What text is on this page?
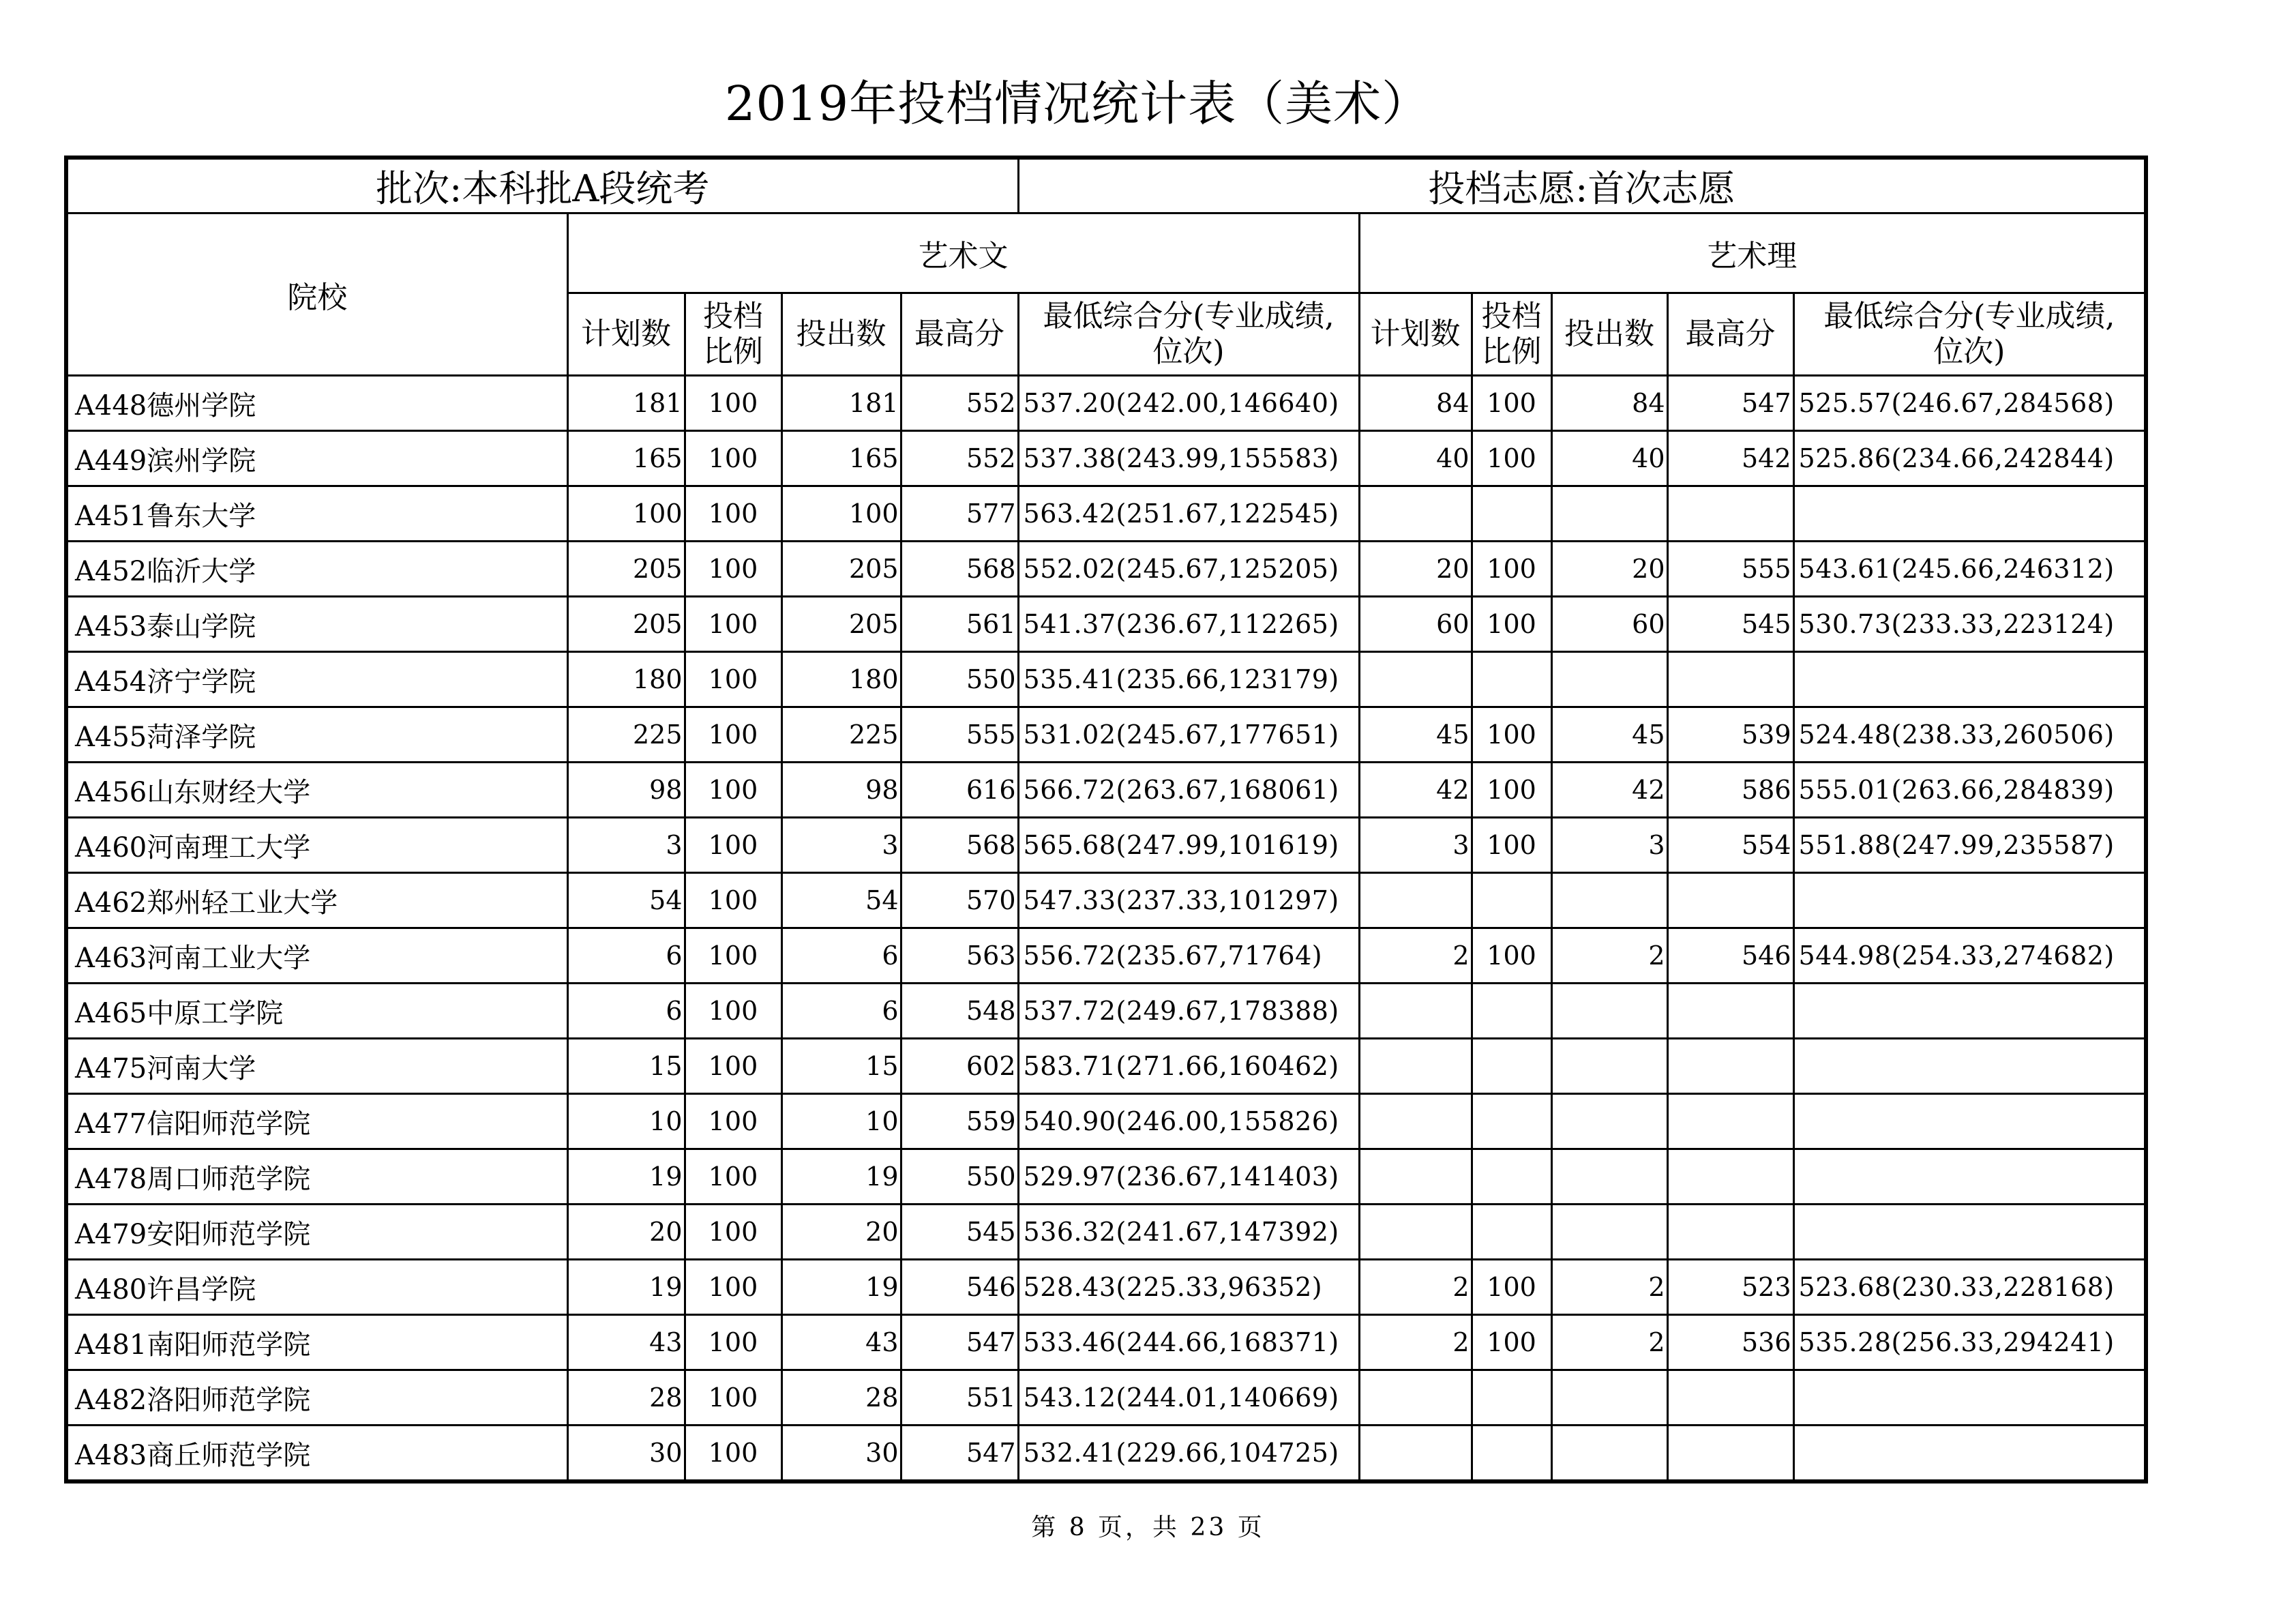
2019年投档情况统计表（美术）
批次:本科批A段统考					投档志愿:首次志愿					
院校	艺术文					艺术理				
	计划数	投档比例	投出数	最高分	最低综合分(专业成绩,位次)	计划数	投档比例	投出数	最高分	最低综合分(专业成绩,位次)
A448德州学院	181	100	181	552	537.20(242.00,146640)	84	100	84	547	525.57(246.67,284568)
A449滨州学院	165	100	165	552	537.38(243.99,155583)	40	100	40	542	525.86(234.66,242844)
A451鲁东大学	100	100	100	577	563.42(251.67,122545)					
A452临沂大学	205	100	205	568	552.02(245.67,125205)	20	100	20	555	543.61(245.66,246312)
A453泰山学院	205	100	205	561	541.37(236.67,112265)	60	100	60	545	530.73(233.33,223124)
A454济宁学院	180	100	180	550	535.41(235.66,123179)					
A455菏泽学院	225	100	225	555	531.02(245.67,177651)	45	100	45	539	524.48(238.33,260506)
A456山东财经大学	98	100	98	616	566.72(263.67,168061)	42	100	42	586	555.01(263.66,284839)
A460河南理工大学	3	100	3	568	565.68(247.99,101619)	3	100	3	554	551.88(247.99,235587)
A462郑州轻工业大学	54	100	54	570	547.33(237.33,101297)					
A463河南工业大学	6	100	6	563	556.72(235.67,71764)	2	100	2	546	544.98(254.33,274682)
A465中原工学院	6	100	6	548	537.72(249.67,178388)					
A475河南大学	15	100	15	602	583.71(271.66,160462)					
A477信阳师范学院	10	100	10	559	540.90(246.00,155826)					
A478周口师范学院	19	100	19	550	529.97(236.67,141403)					
A479安阳师范学院	20	100	20	545	536.32(241.67,147392)					
A480许昌学院	19	100	19	546	528.43(225.33,96352)	2	100	2	523	523.68(230.33,228168)
A481南阳师范学院	43	100	43	547	533.46(244.66,168371)	2	100	2	536	535.28(256.33,294241)
A482洛阳师范学院	28	100	28	551	543.12(244.01,140669)					
A483商丘师范学院	30	100	30	547	532.41(229.66,104725)					
第 8 页，共 23 页
